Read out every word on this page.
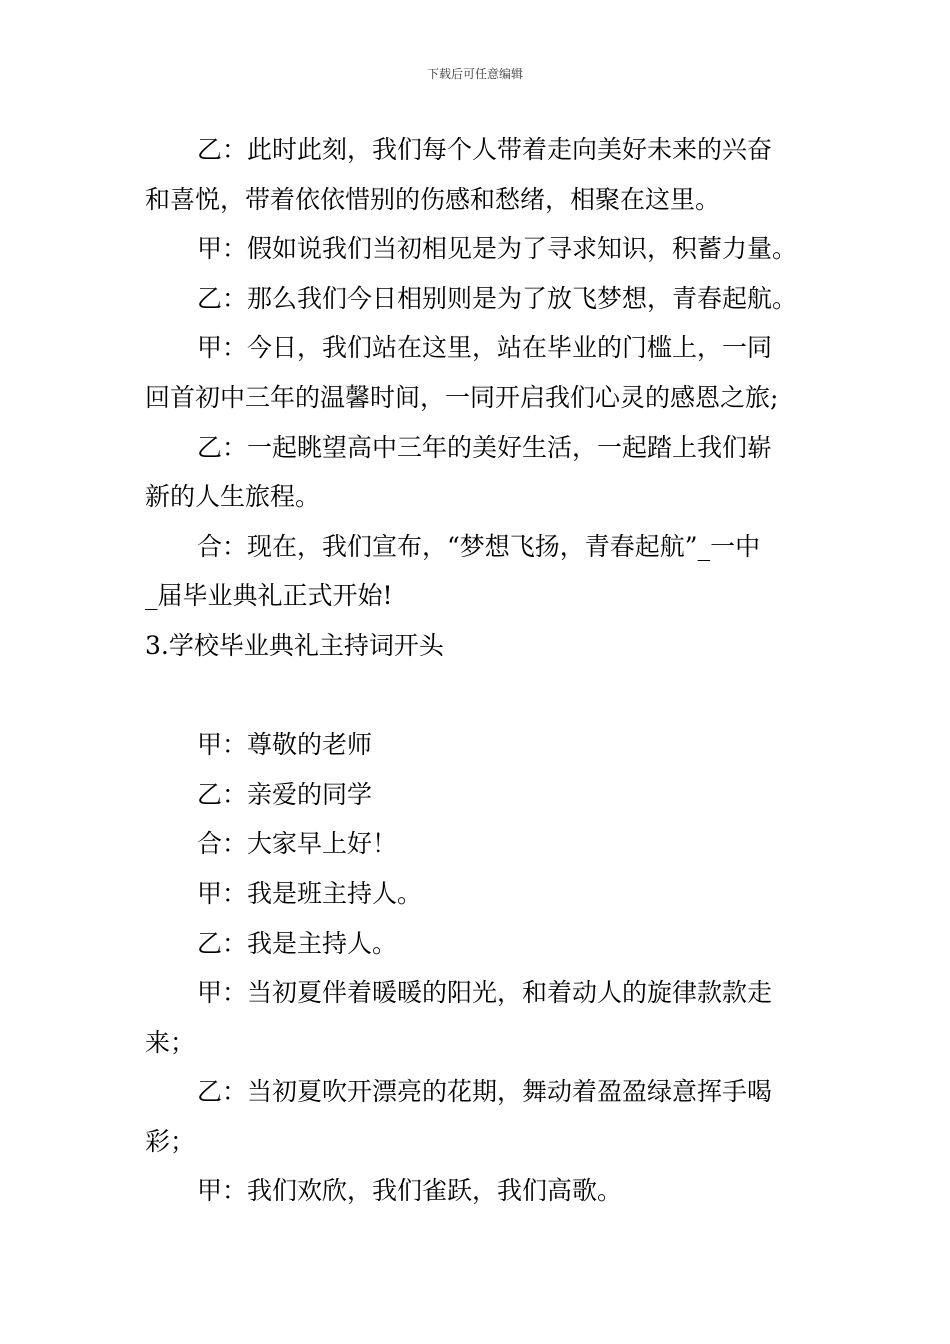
下载后可任意编辑
乙：此时此刻，我们每个人带着走向美好未来的兴奋
和喜悦，带着依依惜别的伤感和愁绪，相聚在这里。
甲：假如说我们当初相见是为了寻求知识，积蓄力量。
乙：那么我们今日相别则是为了放飞梦想，青春起航。
甲：今日，我们站在这里，站在毕业的门槛上，一同
回首初中三年的温馨时间，一同开启我们心灵的感恩之旅;
乙：一起眺望高中三年的美好生活，一起踏上我们崭
新的人生旅程。
合：现在，我们宣布，“梦想飞扬，青春起航”_一中
_届毕业典礼正式开始!
3.学校毕业典礼主持词开头
甲：尊敬的老师
乙：亲爱的同学
合：大家早上好！
甲：我是班主持人。
乙：我是主持人。
甲：当初夏伴着暖暖的阳光，和着动人的旋律款款走
来；
乙：当初夏吹开漂亮的花期，舞动着盈盈绿意挥手喝
彩；
甲：我们欢欣，我们雀跃，我们高歌。
